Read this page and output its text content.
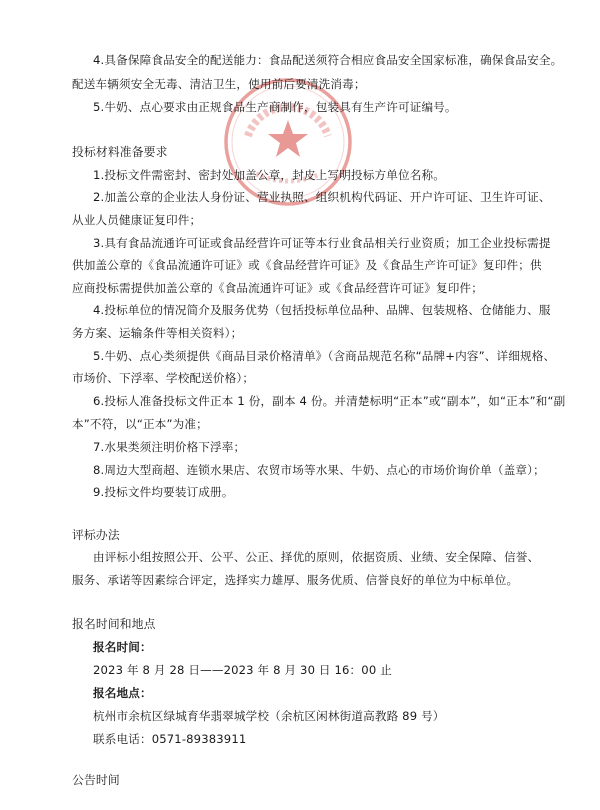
4.具备保障食品安全的配送能力：食品配送须符合相应食品安全国家标准，确保食品安全。
配送车辆须安全无毒、清洁卫生，使用前后要清洗消毒；
5.牛奶、点心要求由正规食品生产商制作，包装具有生产许可证编号。
投标材料准备要求
1.投标文件需密封、密封处加盖公章，封皮上写明投标方单位名称。
2.加盖公章的企业法人身份证、营业执照、组织机构代码证、开户许可证、卫生许可证、
从业人员健康证复印件；
3.具有食品流通许可证或食品经营许可证等本行业食品相关行业资质；加工企业投标需提
供加盖公章的《食品流通许可证》或《食品经营许可证》及《食品生产许可证》复印件；供
应商投标需提供加盖公章的《食品流通许可证》或《食品经营许可证》复印件；
4.投标单位的情况简介及服务优势（包括投标单位品种、品牌、包装规格、仓储能力、服
务方案、运输条件等相关资料）；
5.牛奶、点心类须提供《商品目录价格清单》（含商品规范名称“品牌+内容”、详细规格、
市场价、下浮率、学校配送价格）；
6.投标人准备投标文件正本 1 份，副本 4 份。并清楚标明“正本”或“副本”，如“正本”和“副
本”不符，以“正本”为准；
7.水果类须注明价格下浮率；
8.周边大型商超、连锁水果店、农贸市场等水果、牛奶、点心的市场价询价单（盖章）；
9.投标文件均要装订成册。
评标办法
由评标小组按照公开、公平、公正、择优的原则，依据资质、业绩、安全保障、信誉、
服务、承诺等因素综合评定，选择实力雄厚、服务优质、信誉良好的单位为中标单位。
报名时间和地点
报名时间：
2023 年 8 月 28 日——2023 年 8 月 30 日 16：00 止
报名地点：
杭州市余杭区绿城育华翡翠城学校（余杭区闲林街道高教路 89 号）
联系电话：0571-89383911
公告时间
